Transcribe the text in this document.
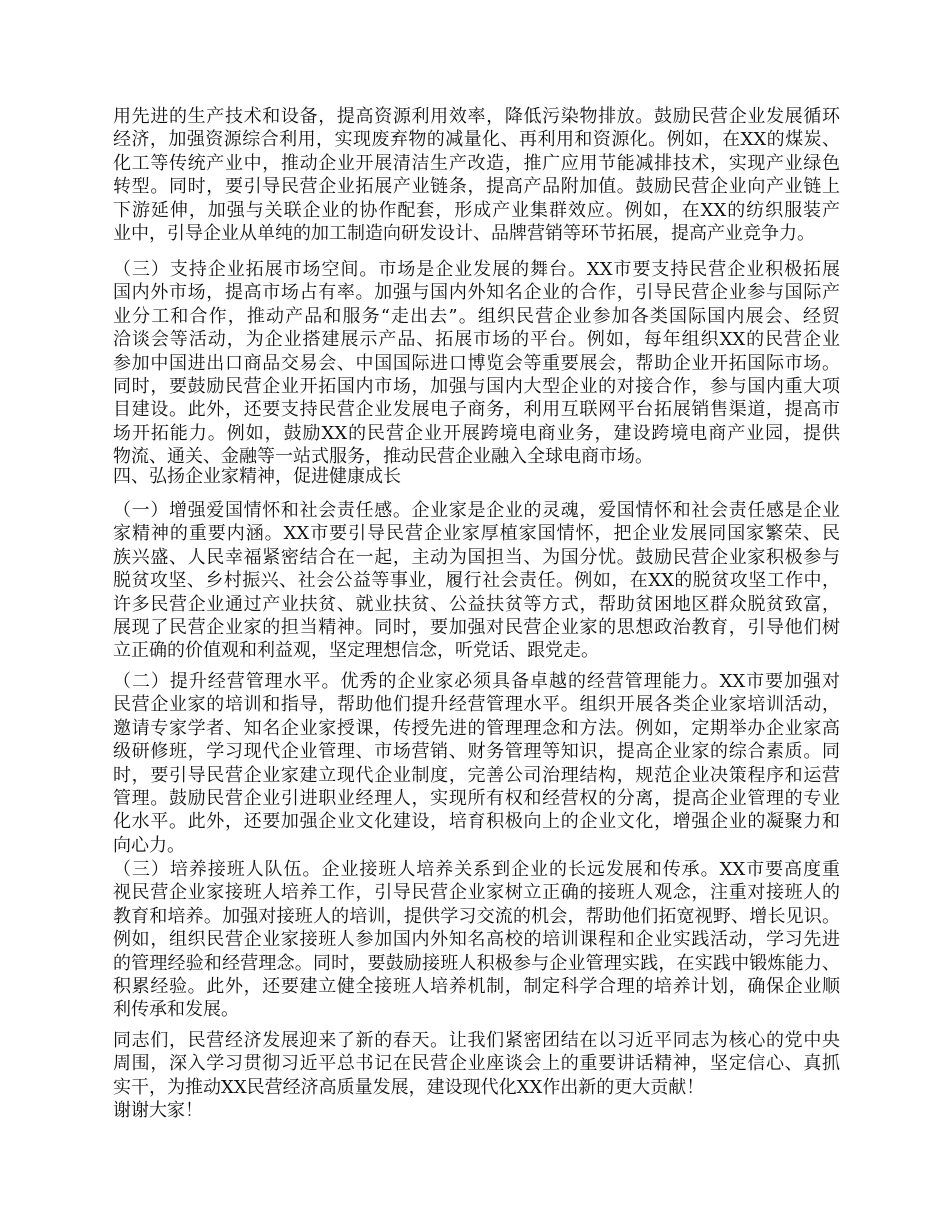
用先进的生产技术和设备，提高资源利用效率，降低污染物排放。鼓励民营企业发展循环
经济，加强资源综合利用，实现废弃物的减量化、再利用和资源化。例如，在XX的煤炭、
化工等传统产业中，推动企业开展清洁生产改造，推广应用节能减排技术，实现产业绿色
转型。同时，要引导民营企业拓展产业链条，提高产品附加值。鼓励民营企业向产业链上
下游延伸，加强与关联企业的协作配套，形成产业集群效应。例如，在XX的纺织服装产
业中，引导企业从单纯的加工制造向研发设计、品牌营销等环节拓展，提高产业竞争力。
（三）支持企业拓展市场空间。市场是企业发展的舞台。XX市要支持民营企业积极拓展
国内外市场，提高市场占有率。加强与国内外知名企业的合作，引导民营企业参与国际产
业分工和合作，推动产品和服务“走出去”。组织民营企业参加各类国际国内展会、经贸
洽谈会等活动，为企业搭建展示产品、拓展市场的平台。例如，每年组织XX的民营企业
参加中国进出口商品交易会、中国国际进口博览会等重要展会，帮助企业开拓国际市场。
同时，要鼓励民营企业开拓国内市场，加强与国内大型企业的对接合作，参与国内重大项
目建设。此外，还要支持民营企业发展电子商务，利用互联网平台拓展销售渠道，提高市
场开拓能力。例如，鼓励XX的民营企业开展跨境电商业务，建设跨境电商产业园，提供
物流、通关、金融等一站式服务，推动民营企业融入全球电商市场。
四、弘扬企业家精神，促进健康成长
（一）增强爱国情怀和社会责任感。企业家是企业的灵魂，爱国情怀和社会责任感是企业
家精神的重要内涵。XX市要引导民营企业家厚植家国情怀，把企业发展同国家繁荣、民
族兴盛、人民幸福紧密结合在一起，主动为国担当、为国分忧。鼓励民营企业家积极参与
脱贫攻坚、乡村振兴、社会公益等事业，履行社会责任。例如，在XX的脱贫攻坚工作中，
许多民营企业通过产业扶贫、就业扶贫、公益扶贫等方式，帮助贫困地区群众脱贫致富，
展现了民营企业家的担当精神。同时，要加强对民营企业家的思想政治教育，引导他们树
立正确的价值观和利益观，坚定理想信念，听党话、跟党走。
（二）提升经营管理水平。优秀的企业家必须具备卓越的经营管理能力。XX市要加强对
民营企业家的培训和指导，帮助他们提升经营管理水平。组织开展各类企业家培训活动，
邀请专家学者、知名企业家授课，传授先进的管理理念和方法。例如，定期举办企业家高
级研修班，学习现代企业管理、市场营销、财务管理等知识，提高企业家的综合素质。同
时，要引导民营企业家建立现代企业制度，完善公司治理结构，规范企业决策程序和运营
管理。鼓励民营企业引进职业经理人，实现所有权和经营权的分离，提高企业管理的专业
化水平。此外，还要加强企业文化建设，培育积极向上的企业文化，增强企业的凝聚力和
向心力。
（三）培养接班人队伍。企业接班人培养关系到企业的长远发展和传承。XX市要高度重
视民营企业家接班人培养工作，引导民营企业家树立正确的接班人观念，注重对接班人的
教育和培养。加强对接班人的培训，提供学习交流的机会，帮助他们拓宽视野、增长见识。
例如，组织民营企业家接班人参加国内外知名高校的培训课程和企业实践活动，学习先进
的管理经验和经营理念。同时，要鼓励接班人积极参与企业管理实践，在实践中锻炼能力、
积累经验。此外，还要建立健全接班人培养机制，制定科学合理的培养计划，确保企业顺
利传承和发展。
同志们，民营经济发展迎来了新的春天。让我们紧密团结在以习近平同志为核心的党中央
周围，深入学习贯彻习近平总书记在民营企业座谈会上的重要讲话精神，坚定信心、真抓
实干，为推动XX民营经济高质量发展，建设现代化XX作出新的更大贡献！
谢谢大家！
